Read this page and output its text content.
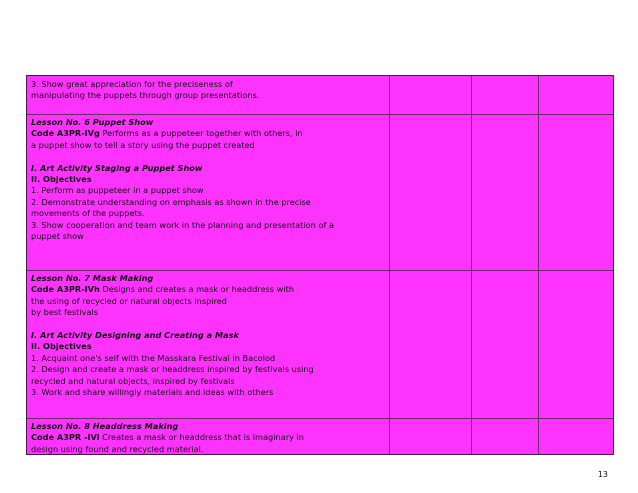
3. Show great appreciation for the preciseness of

manipulating the puppets through group presentations.

Lesson No. 6 Puppet Show

Code A3PR-IVg Performs as a puppeteer together with others, in

a puppet show to tell a story using the puppet created

I. Art Activity Staging a Puppet Show

II. Objectives

1. Perform as puppeteer in a puppet show

2. Demonstrate understanding on emphasis as shown in the precise

movements of the puppets.

3. Show cooperation and team work in the planning and presentation of a

puppet show

Lesson No. 7 Mask Making

Code A3PR-IVh Designs and creates a mask or headdress with

the using of recycled or natural objects inspired

by best festivals

I. Art Activity Designing and Creating a Mask

II. Objectives

1. Acquaint one's self with the Masskara Festival in Bacolod

2. Design and create a mask or headdress inspired by festivals using

recycled and natural objects, inspired by festivals

3. Work and share willingly materials and ideas with others

Lesson No. 8 Headdress Making

Code A3PR -IVi Creates a mask or headdress that is imaginary in

design using found and recycled material.

13
